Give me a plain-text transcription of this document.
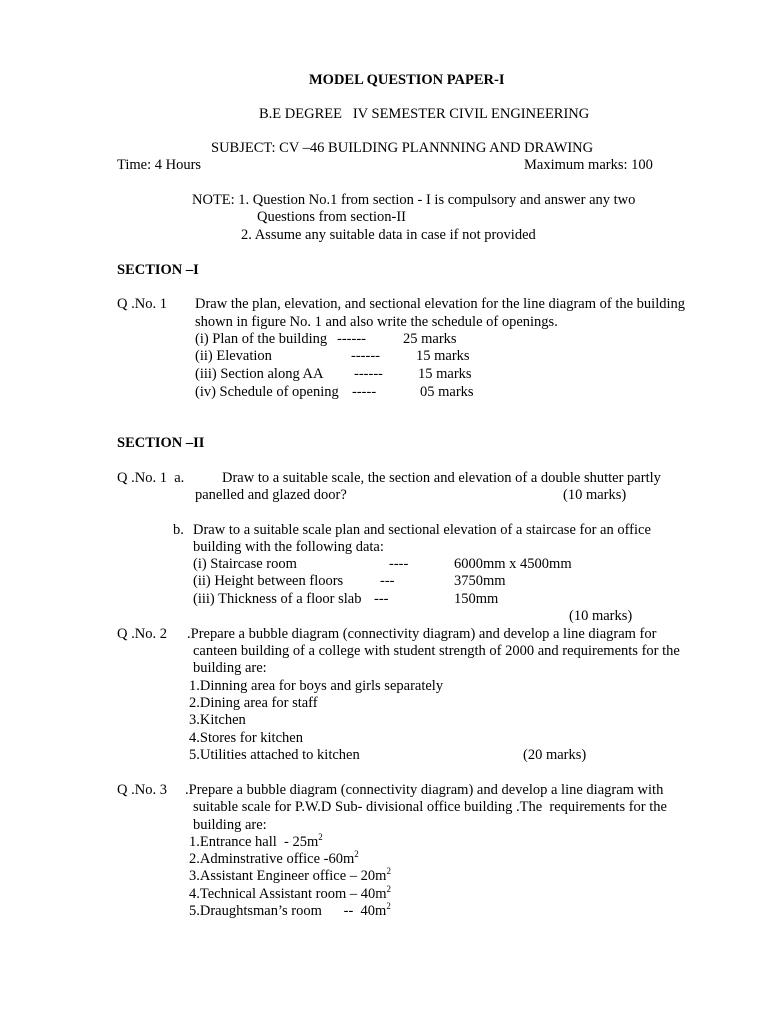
MODEL QUESTION PAPER-I
B.E DEGREE   IV SEMESTER CIVIL ENGINEERING
SUBJECT: CV –46 BUILDING PLANNNING AND DRAWING
Time: 4 Hours	Maximum marks: 100
NOTE: 1. Question No.1 from section - I is compulsory and answer any two
Questions from section-II
2. Assume any suitable data in case if not provided
SECTION –I
Q .No. 1 Draw the plan, elevation, and sectional elevation for the line diagram of the building
shown in figure No. 1 and also write the schedule of openings.
(i) Plan of the building ------	25 marks
(ii) Elevation	------ 15 marks
(iii) Section along AA ------ 15 marks
(iv) Schedule of opening -----	05 marks
SECTION –II
Q .No. 1  a.	Draw to a suitable scale, the section and elevation of a double shutter partly
panelled and glazed door?	(10 marks)
b. Draw to a suitable scale plan and sectional elevation of a staircase for an office
building with the following data:
(i) Staircase room	----	6000mm x 4500mm
(ii) Height between floors	---	3750mm
(iii) Thickness of a floor slab ---	150mm
(10 marks)
Q .No. 2 .Prepare a bubble diagram (connectivity diagram) and develop a line diagram for
canteen building of a college with student strength of 2000 and requirements for the
building are:
1.Dinning area for boys and girls separately
2.Dining area for staff
3.Kitchen
4.Stores for kitchen
5.Utilities attached to kitchen	(20 marks)
Q .No. 3 .Prepare a bubble diagram (connectivity diagram) and develop a line diagram with
suitable scale for P.W.D Sub- divisional office building .The  requirements for the
building are:
1.Entrance hall  - $25m^2$
2.Adminstrative office $-60m^2$
3.Assistant Engineer office – $20m^2$
4.Technical Assistant room – $40m^2$
5.Draughtsman’s room      --  $40m^2$
